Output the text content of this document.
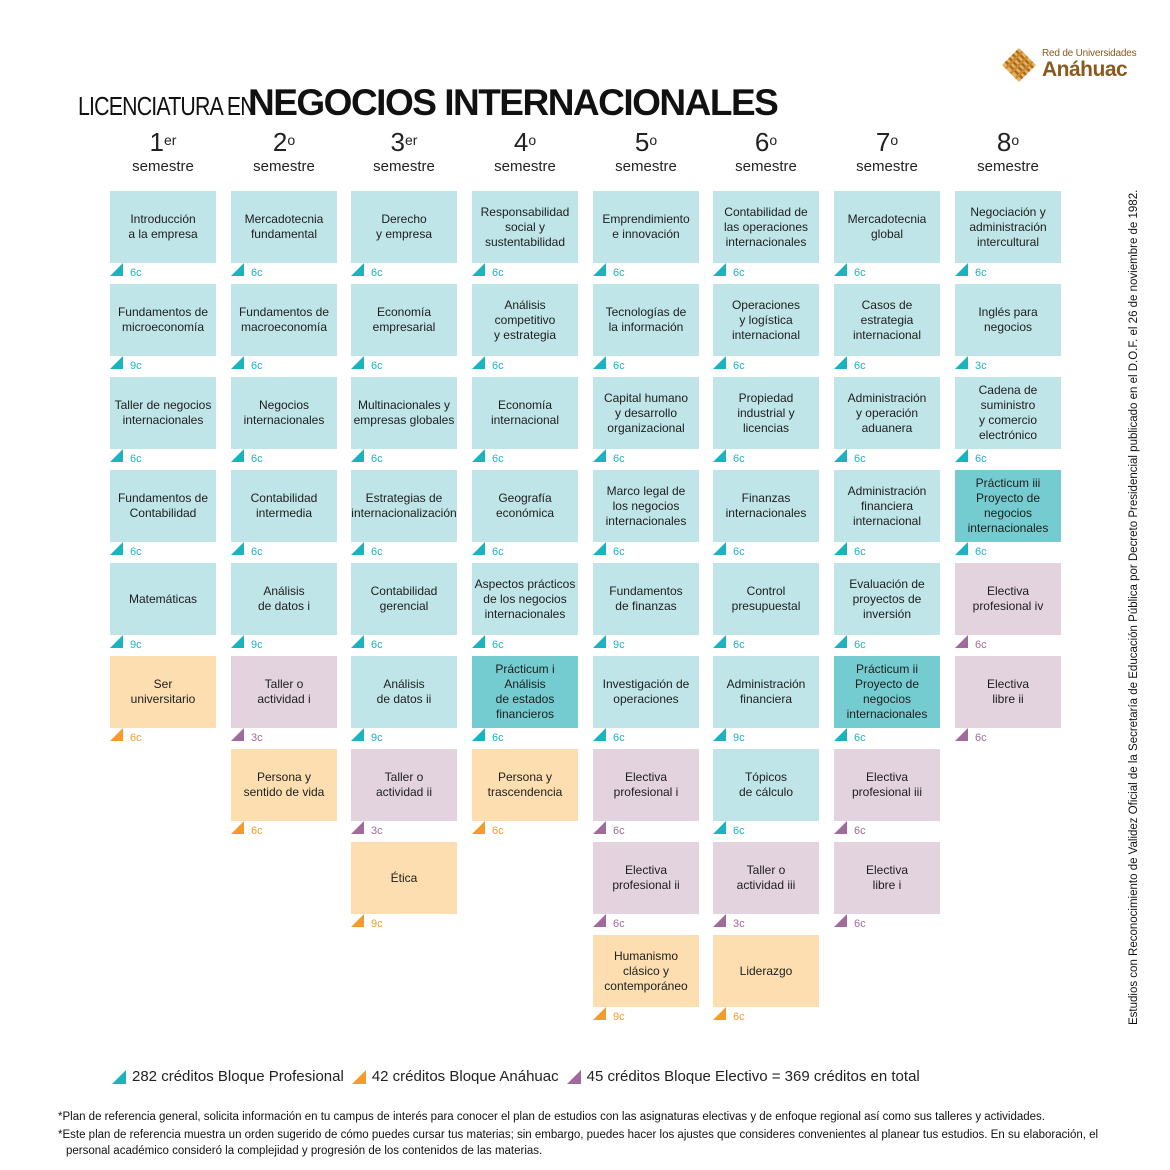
Red de Universidades
Anáhuac
LICENCIATURA EN
NEGOCIOS INTERNACIONALES
1er
semestre
Introducción
a la empresa
6c
Fundamentos de
microeconomía
9c
Taller de negocios
internacionales
6c
Fundamentos de
Contabilidad
6c
Matemáticas
9c
Ser
universitario
6c
2$^o$
semestre
Mercadotecnia
fundamental
6c
Fundamentos de
macroeconomía
6c
Negocios
internacionales
6c
Contabilidad
intermedia
6c
Análisis
de datos i
9c
Taller o
actividad i
3c
Persona y
sentido de vida
6c
3er
semestre
Derecho
y empresa
6c
Economía
empresarial
6c
Multinacionales y
empresas globales
6c
Estrategias de
internacionalización
6c
Contabilidad
gerencial
6c
Análisis
de datos ii
9c
Taller o
actividad ii
3c
Ética
9c
4$^o$
semestre
Responsabilidad
social y
sustentabilidad
6c
Análisis
competitivo
y estrategia
6c
Economía
internacional
6c
Geografía
económica
6c
Aspectos prácticos
de los negocios
internacionales
6c
Prácticum i
Análisis
de estados
financieros
6c
Persona y
trascendencia
6c
5$^o$
semestre
Emprendimiento
e innovación
6c
Tecnologías de
la información
6c
Capital humano
y desarrollo
organizacional
6c
Marco legal de
los negocios
internacionales
6c
Fundamentos
de finanzas
9c
Investigación de
operaciones
6c
Electiva
profesional i
6c
Electiva
profesional ii
6c
Humanismo
clásico y
contemporáneo
9c
6$^o$
semestre
Contabilidad de
las operaciones
internacionales
6c
Operaciones
y logística
internacional
6c
Propiedad
industrial y
licencias
6c
Finanzas
internacionales
6c
Control
presupuestal
6c
Administración
financiera
9c
Tópicos
de cálculo
6c
Taller o
actividad iii
3c
Liderazgo
6c
7$^o$
semestre
Mercadotecnia
global
6c
Casos de
estrategia
internacional
6c
Administración
y operación
aduanera
6c
Administración
financiera
internacional
6c
Evaluación de
proyectos de
inversión
6c
Prácticum ii
Proyecto de
negocios
internacionales
6c
Electiva
profesional iii
6c
Electiva
libre i
6c
8$^o$
semestre
Negociación y
administración
intercultural
6c
Inglés para
negocios
3c
Cadena de
suministro
y comercio
electrónico
6c
Prácticum iii
Proyecto de
negocios
internacionales
6c
Electiva
profesional iv
6c
Electiva
libre ii
6c
282 créditos Bloque Profesional 42 créditos Bloque Anáhuac 45 créditos Bloque Electivo = 369 créditos en total
*Plan de referencia general, solicita información en tu campus de interés para conocer el plan de estudios con las asignaturas electivas y de enfoque regional así como sus talleres y actividades.
*Este plan de referencia muestra un orden sugerido de cómo puedes cursar tus materias; sin embargo, puedes hacer los ajustes que consideres convenientes al planear tus estudios. En su elaboración, el
personal académico consideró la complejidad y progresión de los contenidos de las materias.
Estudios con Reconocimiento de Validez Oficial de la Secretaría de Educación Pública por Decreto Presidencial publicado en el D.O.F. el 26 de noviembre de 1982.
